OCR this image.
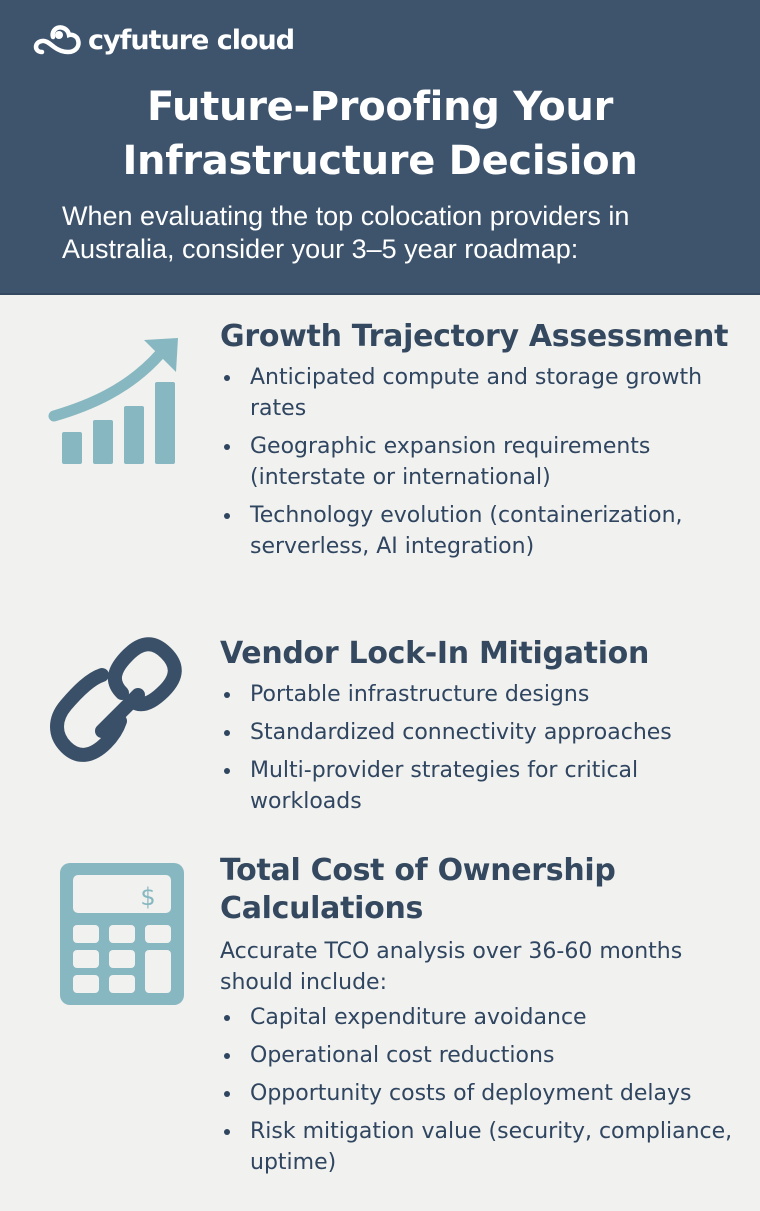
cyfuture cloud
Future-Proofing Your
Infrastructure Decision
When evaluating the top colocation providers in Australia, consider your 3–5 year roadmap:
Growth Trajectory Assessment
Anticipated compute and storage growth rates
Geographic expansion requirements (interstate or international)
Technology evolution (containerization, serverless, AI integration)
Vendor Lock-In Mitigation
Portable infrastructure designs
Standardized connectivity approaches
Multi-provider strategies for critical workloads
$
Total Cost of Ownership Calculations

Accurate TCO analysis over 36-60 months should include:

Capital expenditure avoidance
Operational cost reductions
Opportunity costs of deployment delays
Risk mitigation value (security, compliance, uptime)
